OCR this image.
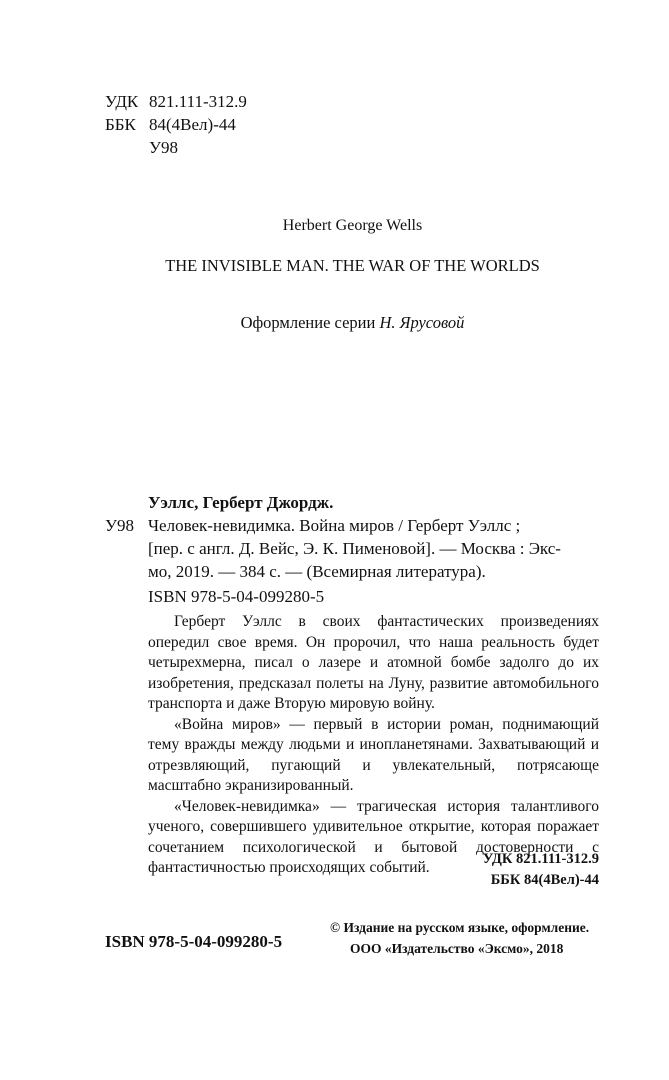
УДК 821.111-312.9
ББК 84(4Вел)-44
У98
Herbert George Wells
THE INVISIBLE MAN. THE WAR OF THE WORLDS
Оформление серии Н. Ярусовой
Уэллс, Герберт Джордж.
У98 Человек-невидимка. Война миров / Герберт Уэллс ;
[пер. с англ. Д. Вейс, Э. К. Пименовой]. — Москва : Экс-
мо, 2019. — 384 с. — (Всемирная литература).
ISBN 978-5-04-099280-5

Герберт Уэллс в своих фантастических произведениях опередил свое время. Он пророчил, что наша реальность будет четырехмерна, писал о лазере и атомной бомбе задолго до их изобретения, предсказал полеты на Луну, развитие автомобильного транспорта и даже Вторую мировую войну.

«Война миров» — первый в истории роман, поднимающий тему вражды между людьми и инопланетянами. Захватывающий и отрезвляющий, пугающий и увлекательный, потрясающе масштабно экранизированный.

«Человек-невидимка» — трагическая история талантливого ученого, совершившего удивительное открытие, которая поражает сочетанием психологической и бытовой достоверности с фантастичностью происходящих событий.	УДК 821.111-312.9
ББК 84(4Вел)-44
ISBN 978-5-04-099280-5
© Издание на русском языке, оформление.
ООО «Издательство «Эксмо», 2018
